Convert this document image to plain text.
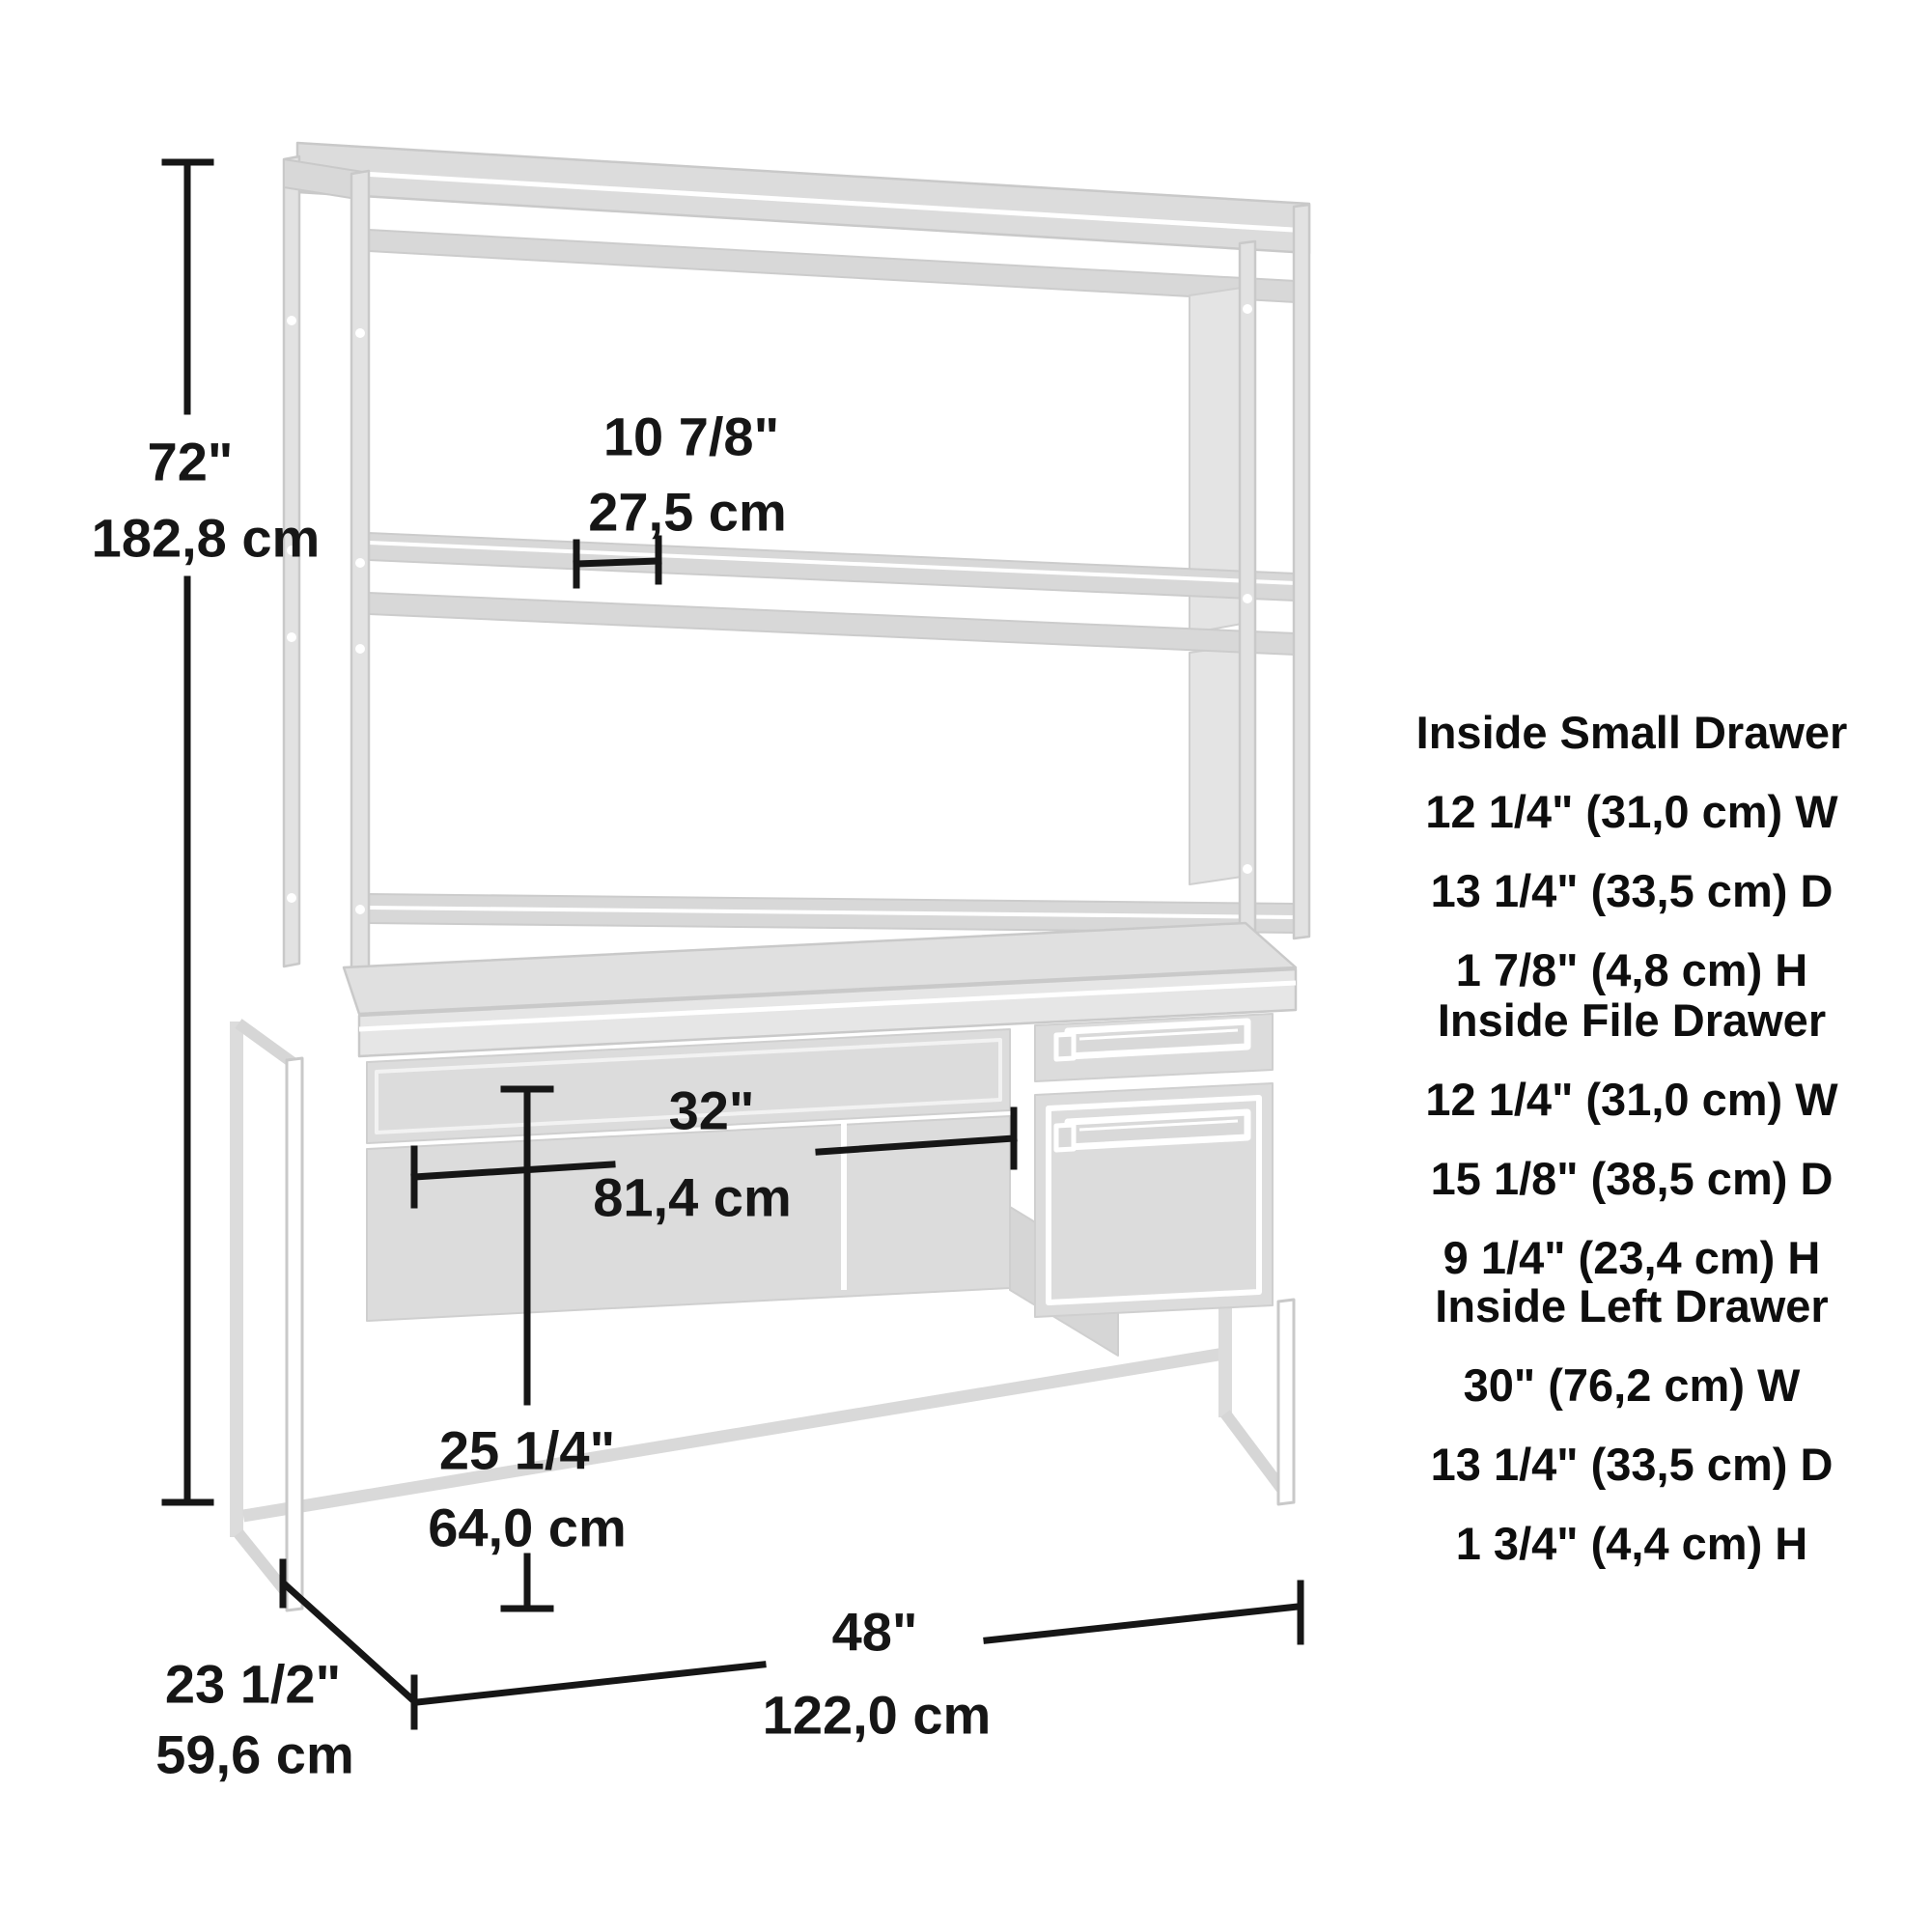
72"
182,8 cm
10 7/8"
27,5 cm
32"
81,4 cm
25 1/4"
64,0 cm
48"
122,0 cm
23 1/2"
59,6 cm
Inside Small Drawer
12 1/4" (31,0 cm) W
13 1/4" (33,5 cm) D
1 7/8" (4,8 cm) H
Inside File Drawer
12 1/4" (31,0 cm) W
15 1/8" (38,5 cm) D
9 1/4" (23,4 cm) H
Inside Left Drawer
30" (76,2 cm) W
13 1/4" (33,5 cm) D
1 3/4" (4,4 cm) H
